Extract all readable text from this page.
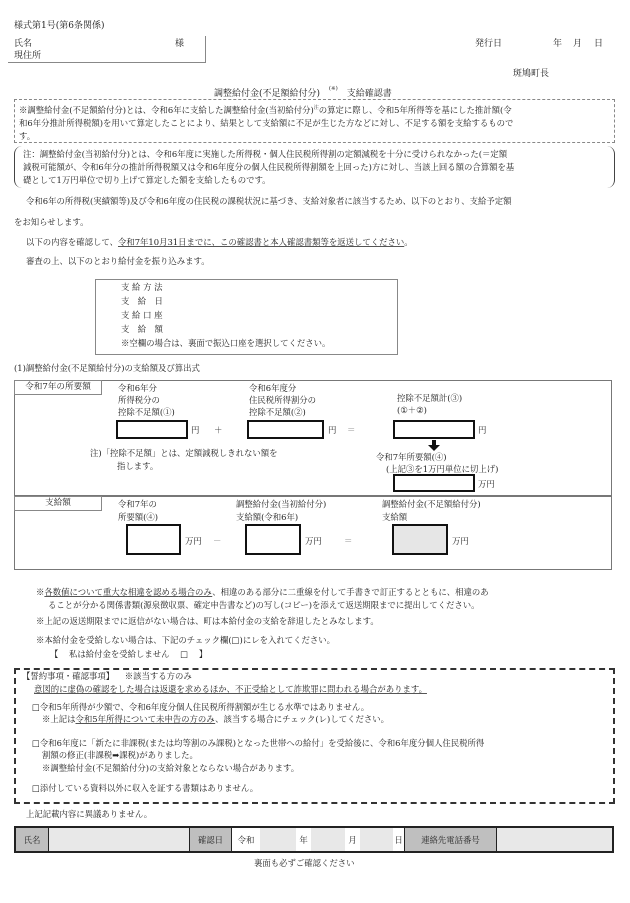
様式第1号(第6条関係)
氏名	様
現住所
発行日	年 月 日
斑鳩町長
調整給付金(不足額給付分) (※) 支給確認書
※調整給付金(不足額給付分)とは、令和6年に支給した調整給付金(当初給付分)$^注$の算定に際し、令和5年所得等を基にした推計額(令
和6年分推計所得税額)を用いて算定したことにより、結果として支給額に不足が生じた方などに対し、不足する額を支給するもので
す。
注：調整給付金(当初給付分)とは、令和6年度に実施した所得税・個人住民税所得割の定額減税を十分に受けられなかった(＝定額
減税可能額が、令和6年分の推計所得税額又は令和6年度分の個人住民税所得割額を上回った)方に対し、当該上回る額の合算額を基
礎として1万円単位で切り上げて算定した額を支給したものです。
令和6年の所得税(実績額等)及び令和6年度の住民税の課税状況に基づき、支給対象者に該当するため、以下のとおり、支給予定額
をお知らせします。
以下の内容を確認して、令和7年10月31日までに、この確認書と本人確認書類等を返送してください。
審査の上、以下のとおり給付金を振り込みます。
支 給 方 法
支　給　日
支 給 口 座
支　給　額
※空欄の場合は、裏面で振込口座を選択してください。
(1)調整給付金(不足額給付分)の支給額及び算出式
令和7年の所要額	令和6年分
所得税分の
控除不足額(①)
円 ＋
令和6年度分
住民税所得割分の
控除不足額(②)
円 ＝
控除不足額計(③)
(①＋②)
円
注)「控除不足額」とは、定額減税しきれない額を
指します。
令和7年所要額(④)
(上記③を1万円単位に切上げ)
万円
支給額	令和7年の
所要額(④)
万円 －
調整給付金(当初給付分)
支給額(令和6年)
万円	＝
調整給付金(不足額給付分)
支給額
万円
※各数値について重大な相違を認める場合のみ、相違のある部分に二重線を付して手書きで訂正するとともに、相違のあ
ることが分かる関係書類(源泉徴収票、確定申告書など)の写し(コピー)を添えて返送期限までに提出してください。
※上記の返送期限までに返信がない場合は、町は本給付金の支給を辞退したとみなします。
※本給付金を受給しない場合は、下記のチェック欄(□)にレを入れてください。
【 私は給付金を受給しません □ 】
【誓約事項・確認事項】 ※該当する方のみ
意図的に虚偽の確認をした場合は返還を求めるほか、不正受給として詐欺罪に問われる場合があります。
□令和5年所得が少額で、令和6年度分個人住民税所得割額が生じる水準ではありません。
※上記は令和5年所得について未申告の方のみ、該当する場合にチェック(レ)してください。
□令和6年度に「新たに非課税(または均等割のみ課税)となった世帯への給付」を受給後に、令和6年度分個人住民税所得
割額の修正(非課税➡課税)がありました。
※調整給付金(不足額給付分)の支給対象とならない場合があります。
□添付している資料以外に収入を証する書類はありません。
上記記載内容に異議ありません。
氏名	確認日	令和	年	月	日	連絡先電話番号
裏面も必ずご確認ください
